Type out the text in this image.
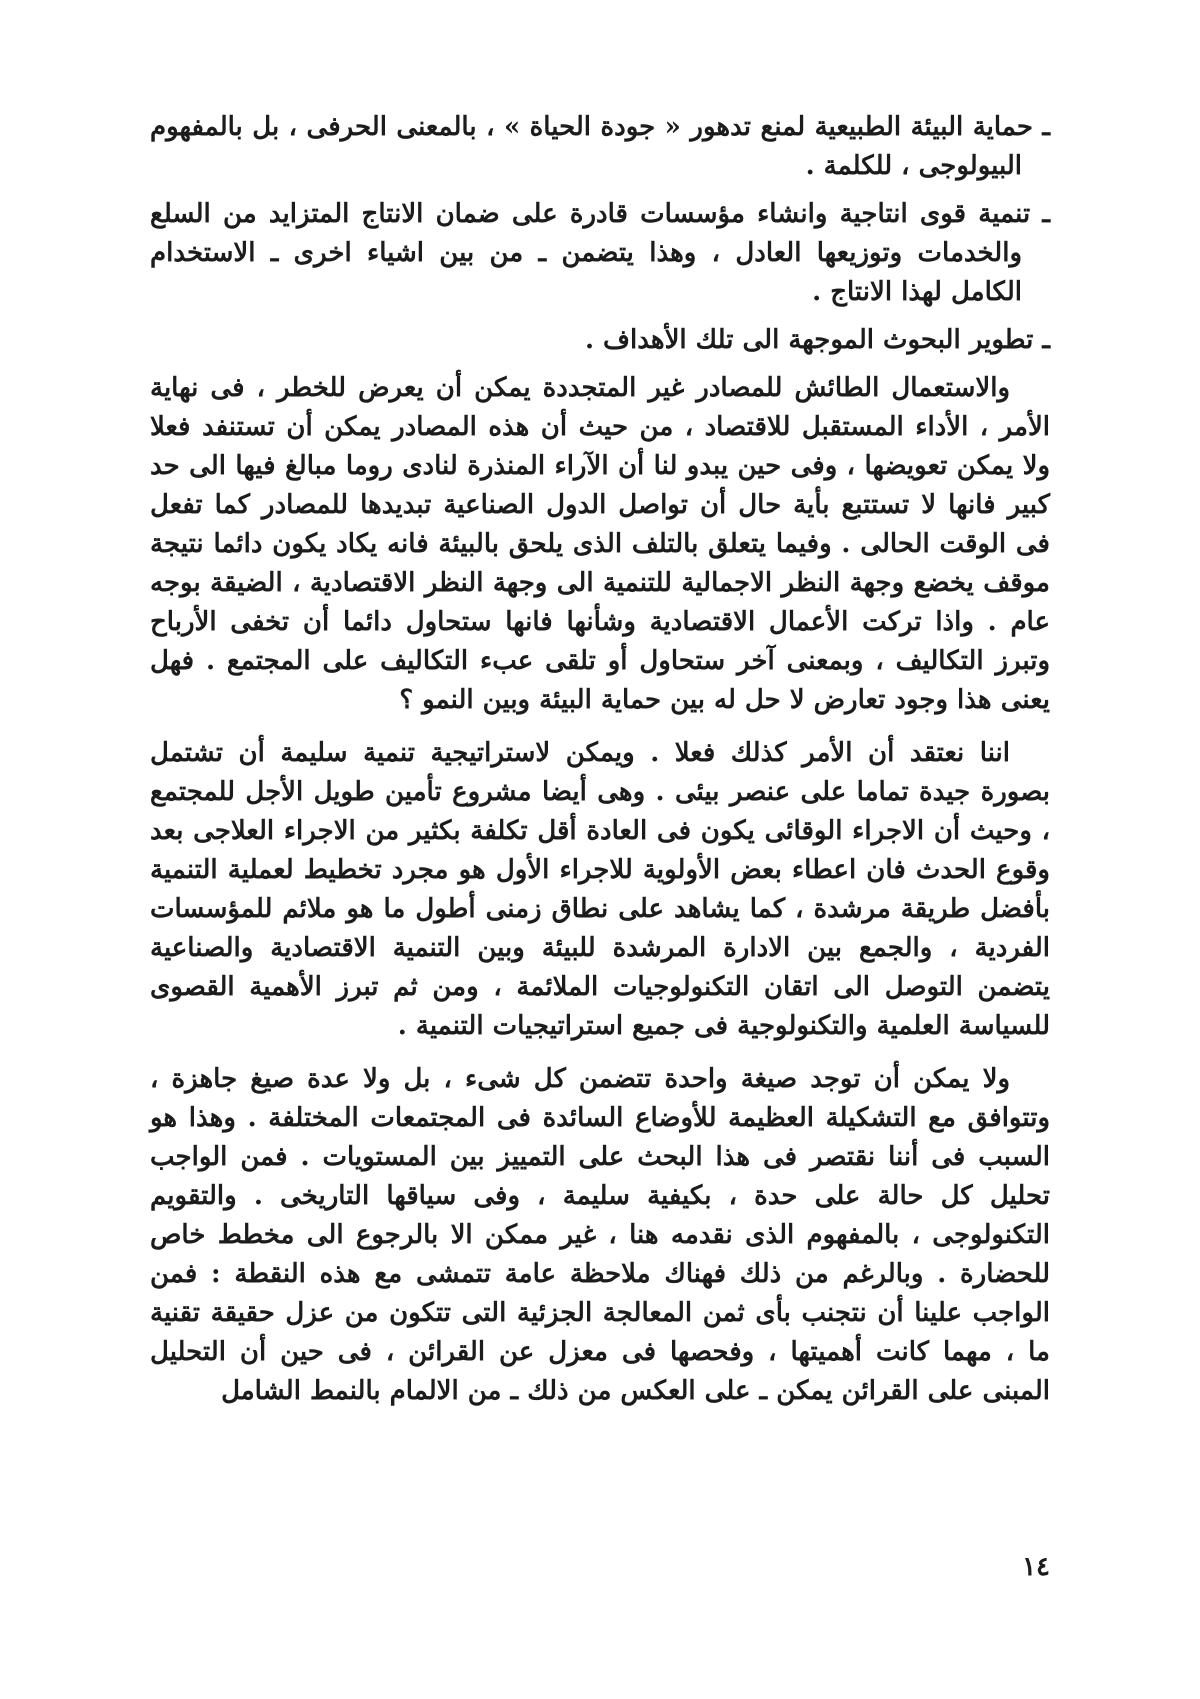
ـ حماية البيئة الطبيعية لمنع تدهور « جودة الحياة » ، بالمعنى الحرفى ، بل بالمفهوم البيولوجى ، للكلمة .

ـ تنمية قوى انتاجية وانشاء مؤسسات قادرة على ضمان الانتاج المتزايد من السلع والخدمات وتوزيعها العادل ، وهذا يتضمن ـ من بين اشياء اخرى ـ الاستخدام الكامل لهذا الانتاج .

ـ تطوير البحوث الموجهة الى تلك الأهداف .

والاستعمال الطائش للمصادر غير المتجددة يمكن أن يعرض للخطر ، فى نهاية الأمر ، الأداء المستقبل للاقتصاد ، من حيث أن هذه المصادر يمكن أن تستنفد فعلا ولا يمكن تعويضها ، وفى حين يبدو لنا أن الآراء المنذرة لنادى روما مبالغ فيها الى حد كبير فانها لا تستتبع بأية حال أن تواصل الدول الصناعية تبديدها للمصادر كما تفعل فى الوقت الحالى . وفيما يتعلق بالتلف الذى يلحق بالبيئة فانه يكاد يكون دائما نتيجة موقف يخضع وجهة النظر الاجمالية للتنمية الى وجهة النظر الاقتصادية ، الضيقة بوجه عام . واذا تركت الأعمال الاقتصادية وشأنها فانها ستحاول دائما أن تخفى الأرباح وتبرز التكاليف ، وبمعنى آخر ستحاول أو تلقى عبء التكاليف على المجتمع . فهل يعنى هذا وجود تعارض لا حل له بين حماية البيئة وبين النمو ؟

اننا نعتقد أن الأمر كذلك فعلا . ويمكن لاستراتيجية تنمية سليمة أن تشتمل بصورة جيدة تماما على عنصر بيئى . وهى أيضا مشروع تأمين طويل الأجل للمجتمع ، وحيث أن الاجراء الوقائى يكون فى العادة أقل تكلفة بكثير من الاجراء العلاجى بعد وقوع الحدث فان اعطاء بعض الأولوية للاجراء الأول هو مجرد تخطيط لعملية التنمية بأفضل طريقة مرشدة ، كما يشاهد على نطاق زمنى أطول ما هو ملائم للمؤسسات الفردية ، والجمع بين الادارة المرشدة للبيئة وبين التنمية الاقتصادية والصناعية يتضمن التوصل الى اتقان التكنولوجيات الملائمة ، ومن ثم تبرز الأهمية القصوى للسياسة العلمية والتكنولوجية فى جميع استراتيجيات التنمية .

ولا يمكن أن توجد صيغة واحدة تتضمن كل شىء ، بل ولا عدة صيغ جاهزة ، وتتوافق مع التشكيلة العظيمة للأوضاع السائدة فى المجتمعات المختلفة . وهذا هو السبب فى أننا نقتصر فى هذا البحث على التمييز بين المستويات . فمن الواجب تحليل كل حالة على حدة ، بكيفية سليمة ، وفى سياقها التاريخى . والتقويم التكنولوجى ، بالمفهوم الذى نقدمه هنا ، غير ممكن الا بالرجوع الى مخطط خاص للحضارة . وبالرغم من ذلك فهناك ملاحظة عامة تتمشى مع هذه النقطة : فمن الواجب علينا أن نتجنب بأى ثمن المعالجة الجزئية التى تتكون من عزل حقيقة تقنية ما ، مهما كانت أهميتها ، وفحصها فى معزل عن القرائن ، فى حين أن التحليل المبنى على القرائن يمكن ـ على العكس من ذلك ـ من الالمام بالنمط الشامل

١٤
